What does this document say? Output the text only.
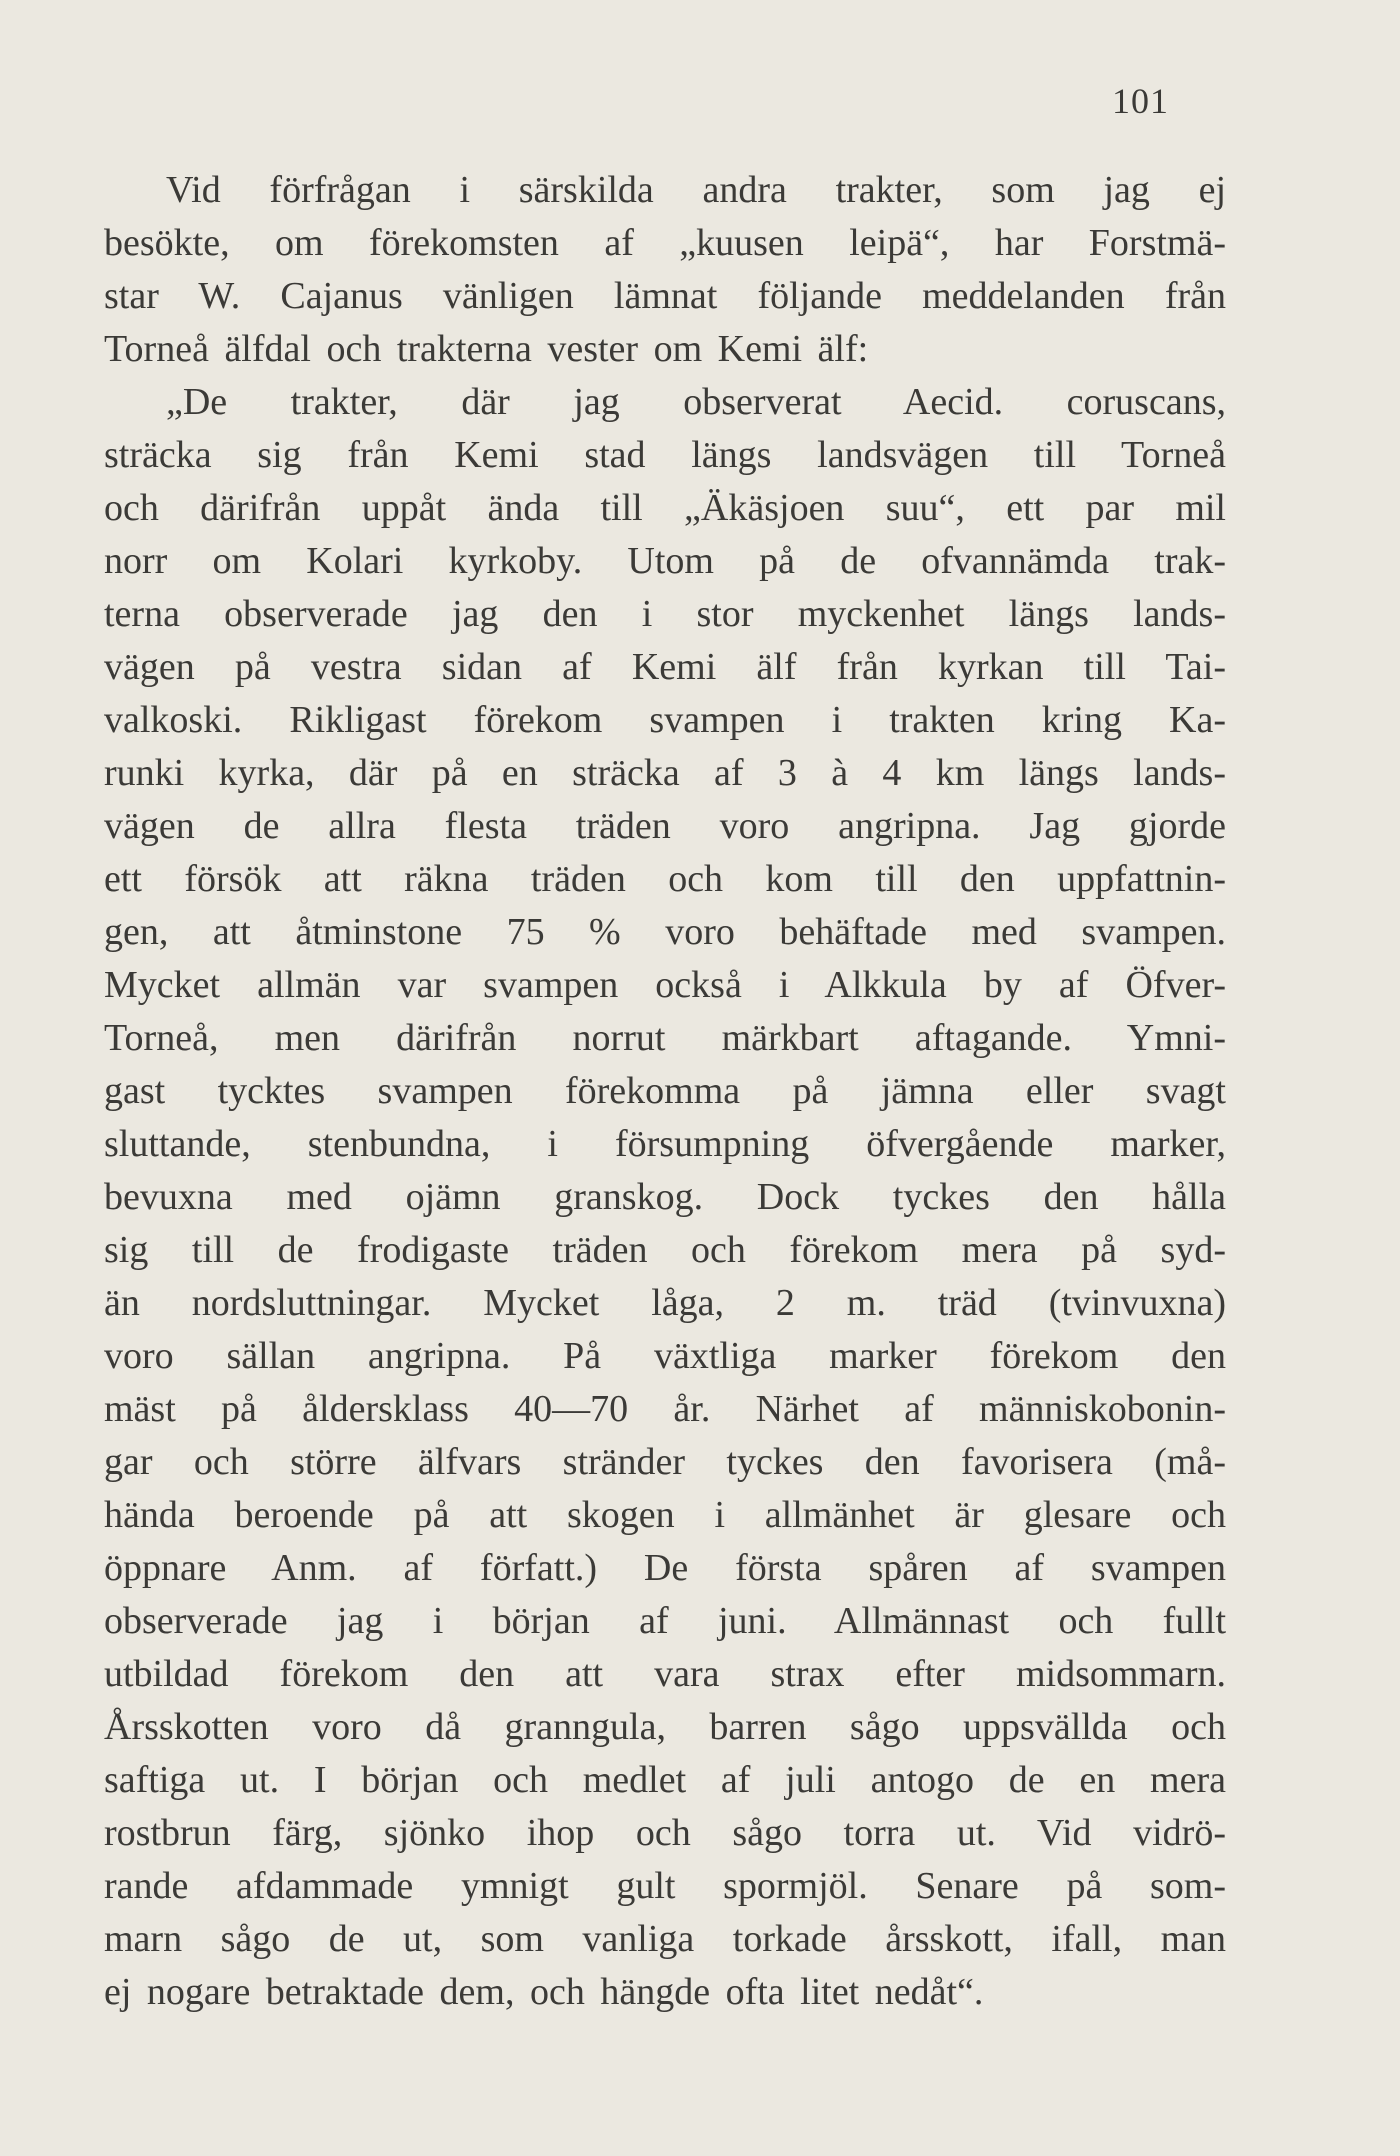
101
Vid förfrågan i särskilda andra trakter, som jag ej
besökte, om förekomsten af „kuusen leipä“, har Forstmä-
star W. Cajanus vänligen lämnat följande meddelanden från
Torneå älfdal och trakterna vester om Kemi älf:
„De trakter, där jag observerat Aecid. coruscans,
sträcka sig från Kemi stad längs landsvägen till Torneå
och därifrån uppåt ända till „Äkäsjoen suu“, ett par mil
norr om Kolari kyrkoby. Utom på de ofvannämda trak-
terna observerade jag den i stor myckenhet längs lands-
vägen på vestra sidan af Kemi älf från kyrkan till Tai-
valkoski. Rikligast förekom svampen i trakten kring Ka-
runki kyrka, där på en sträcka af 3 à 4 km längs lands-
vägen de allra flesta träden voro angripna. Jag gjorde
ett försök att räkna träden och kom till den uppfattnin-
gen, att åtminstone 75 % voro behäftade med svampen.
Mycket allmän var svampen också i Alkkula by af Öfver-
Torneå, men därifrån norrut märkbart aftagande. Ymni-
gast tycktes svampen förekomma på jämna eller svagt
sluttande, stenbundna, i försumpning öfvergående marker,
bevuxna med ojämn granskog. Dock tyckes den hålla
sig till de frodigaste träden och förekom mera på syd-
än nordsluttningar. Mycket låga, 2 m. träd (tvinvuxna)
voro sällan angripna. På växtliga marker förekom den
mäst på åldersklass 40—70 år. Närhet af människobonin-
gar och större älfvars stränder tyckes den favorisera (må-
hända beroende på att skogen i allmänhet är glesare och
öppnare Anm. af författ.) De första spåren af svampen
observerade jag i början af juni. Allmännast och fullt
utbildad förekom den att vara strax efter midsommarn.
Årsskotten voro då granngula, barren sågo uppsvällda och
saftiga ut. I början och medlet af juli antogo de en mera
rostbrun färg, sjönko ihop och sågo torra ut. Vid vidrö-
rande afdammade ymnigt gult spormjöl. Senare på som-
marn sågo de ut, som vanliga torkade årsskott, ifall, man
ej nogare betraktade dem, och hängde ofta litet nedåt“.
